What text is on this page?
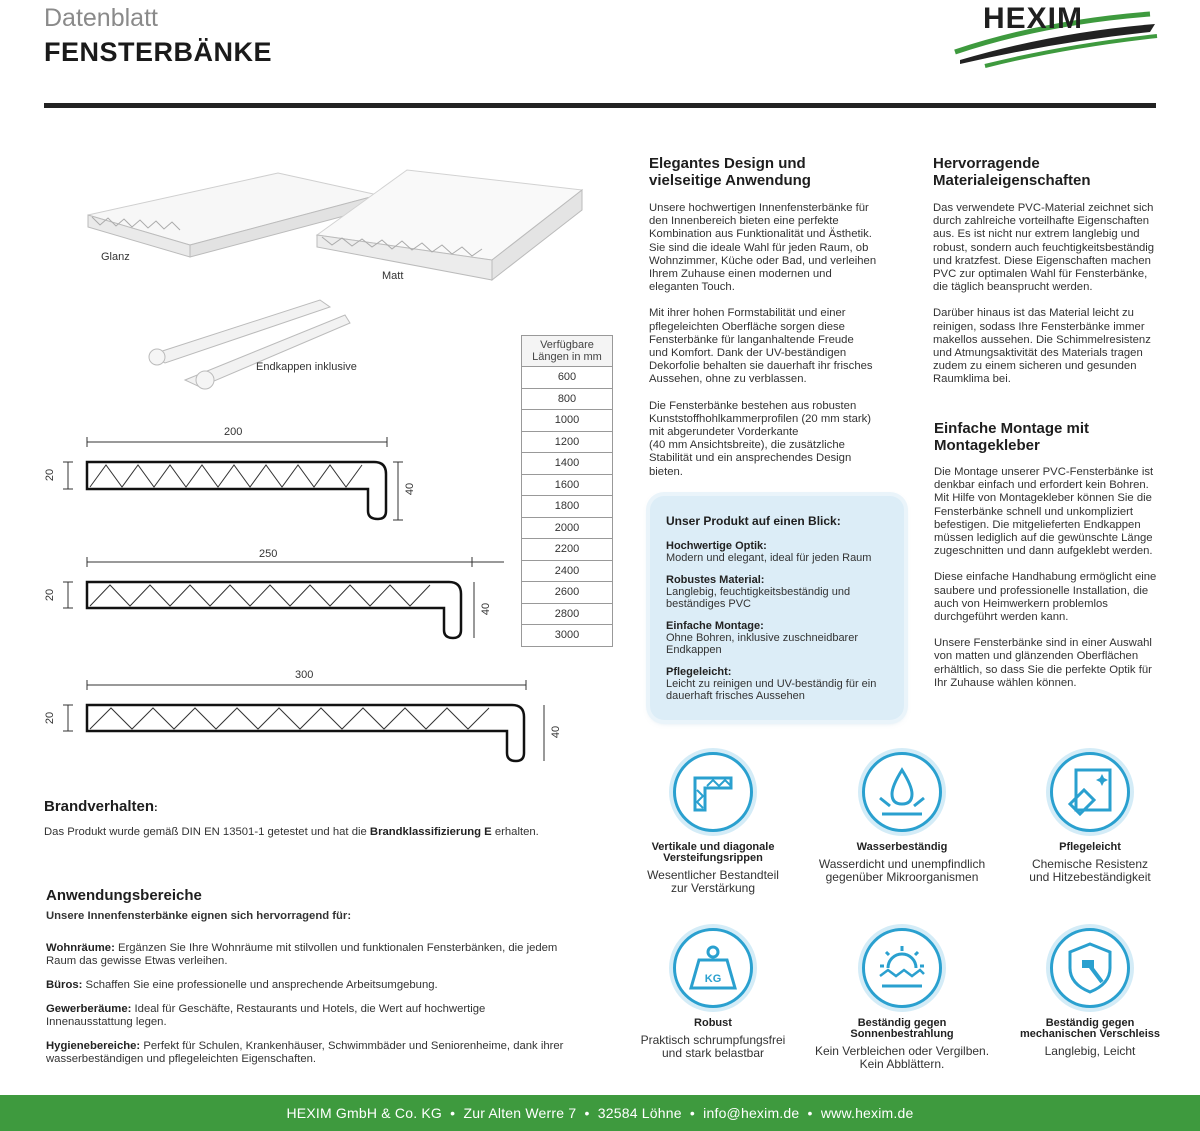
Datenblatt
FENSTERBÄNKE
HEXIM
Glanz
Matt
Endkappen inklusive
200
20
40
250
20
40
300
20
40
Verfügbare
Längen in mm

600
800
1000
1200
1400
1600
1800
2000
2200
2400
2600
2800
3000
Elegantes Design und
vielseitige Anwendung
Unsere hochwertigen Innenfensterbänke für
den Innenbereich bieten eine perfekte
Kombination aus Funktionalität und Ästhetik.
Sie sind die ideale Wahl für jeden Raum, ob
Wohnzimmer, Küche oder Bad, und verleihen
Ihrem Zuhause einen modernen und
eleganten Touch.
Mit ihrer hohen Formstabilität und einer
pflegeleichten Oberfläche sorgen diese
Fensterbänke für langanhaltende Freude
und Komfort. Dank der UV-beständigen
Dekorfolie behalten sie dauerhaft ihr frisches
Aussehen, ohne zu verblassen.
Die Fensterbänke bestehen aus robusten
Kunststoffhohlkammerprofilen (20 mm stark)
mit abgerundeter Vorderkante
(40 mm Ansichtsbreite), die zusätzliche
Stabilität und ein ansprechendes Design
bieten.
Unser Produkt auf einen Blick:
Hochwertige Optik:
Modern und elegant, ideal für jeden Raum
Robustes Material:
Langlebig, feuchtigkeitsbeständig und
beständiges PVC
Einfache Montage:
Ohne Bohren, inklusive zuschneidbarer
Endkappen
Pflegeleicht:
Leicht zu reinigen und UV-beständig für ein
dauerhaft frisches Aussehen
Hervorragende
Materialeigenschaften
Das verwendete PVC-Material zeichnet sich
durch zahlreiche vorteilhafte Eigenschaften
aus. Es ist nicht nur extrem langlebig und
robust, sondern auch feuchtigkeitsbeständig
und kratzfest. Diese Eigenschaften machen
PVC zur optimalen Wahl für Fensterbänke,
die täglich beansprucht werden.
Darüber hinaus ist das Material leicht zu
reinigen, sodass Ihre Fensterbänke immer
makellos aussehen. Die Schimmelresistenz
und Atmungsaktivität des Materials tragen
zudem zu einem sicheren und gesunden
Raumklima bei.
Einfache Montage mit
Montagekleber
Die Montage unserer PVC-Fensterbänke ist
denkbar einfach und erfordert kein Bohren.
Mit Hilfe von Montagekleber können Sie die
Fensterbänke schnell und unkompliziert
befestigen. Die mitgelieferten Endkappen
müssen lediglich auf die gewünschte Länge
zugeschnitten und dann aufgeklebt werden.
Diese einfache Handhabung ermöglicht eine
saubere und professionelle Installation, die
auch von Heimwerkern problemlos
durchgeführt werden kann.
Unsere Fensterbänke sind in einer Auswahl
von matten und glänzenden Oberflächen
erhältlich, so dass Sie die perfekte Optik für
Ihr Zuhause wählen können.
Brandverhalten:
Das Produkt wurde gemäß DIN EN 13501-1 getestet und hat die Brandklassifizierung E erhalten.
Anwendungsbereiche
Unsere Innenfensterbänke eignen sich hervorragend für:
Wohnräume: Ergänzen Sie Ihre Wohnräume mit stilvollen und funktionalen Fensterbänken, die jedem
Raum das gewisse Etwas verleihen.
Büros: Schaffen Sie eine professionelle und ansprechende Arbeitsumgebung.
Gewerberäume: Ideal für Geschäfte, Restaurants und Hotels, die Wert auf hochwertige
Innenausstattung legen.
Hygienebereiche: Perfekt für Schulen, Krankenhäuser, Schwimmbäder und Seniorenheime, dank ihrer
wasserbeständigen und pflegeleichten Eigenschaften.
Vertikale und diagonale
Versteifungsrippen
Wesentlicher Bestandteil
zur Verstärkung
Wasserbeständig
Wasserdicht und unempfindlich
gegenüber Mikroorganismen
Pflegeleicht
Chemische Resistenz
und Hitzebeständigkeit
KG
Robust
Praktisch schrumpfungsfrei
und stark belastbar
Beständig gegen
Sonnenbestrahlung
Kein Verbleichen oder Vergilben.
Kein Abblättern.
Beständig gegen
mechanischen Verschleiss
Langlebig, Leicht
HEXIM GmbH & Co. KG  •  Zur Alten Werre 7  •  32584 Löhne  •  info@hexim.de  •  www.hexim.de
